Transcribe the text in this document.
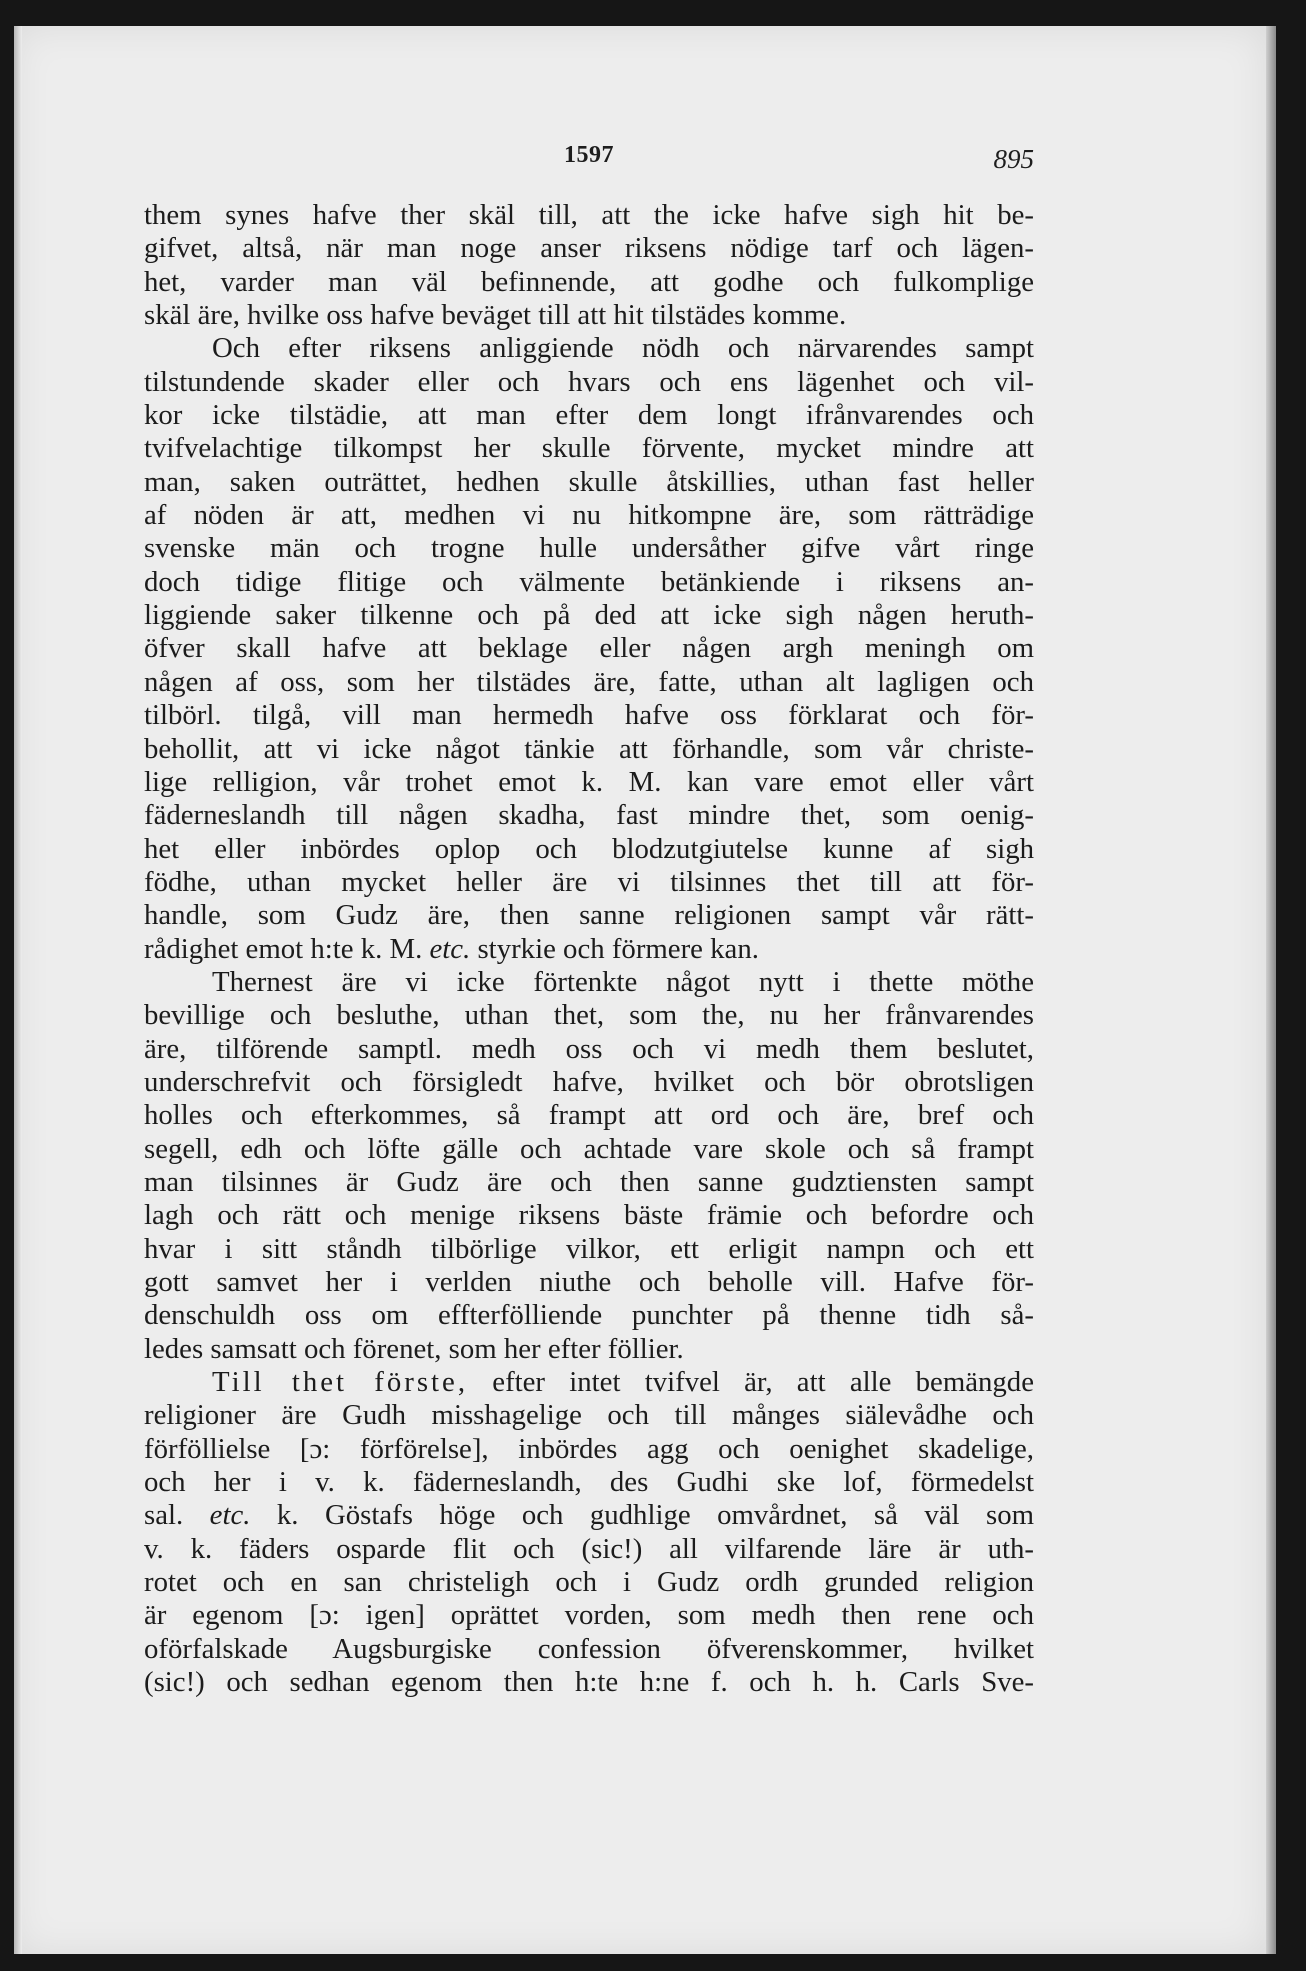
1597	895
them synes hafve ther skäl till, att the icke hafve sigh hit be-
gifvet, altså, när man noge anser riksens nödige tarf och lägen-
het, varder man väl befinnende, att godhe och fulkomplige
skäl äre, hvilke oss hafve beväget till att hit tilstädes komme.
Och efter riksens anliggiende nödh och närvarendes sampt
tilstundende skader eller och hvars och ens lägenhet och vil-
kor icke tilstädie, att man efter dem longt ifrånvarendes och
tvifvelachtige tilkompst her skulle förvente, mycket mindre att
man, saken outrättet, hedhen skulle åtskillies, uthan fast heller
af nöden är att, medhen vi nu hitkompne äre, som rätträdige
svenske män och trogne hulle undersåther gifve vårt ringe
doch tidige flitige och välmente betänkiende i riksens an-
liggiende saker tilkenne och på ded att icke sigh någen heruth-
öfver skall hafve att beklage eller någen argh meningh om
någen af oss, som her tilstädes äre, fatte, uthan alt lagligen och
tilbörl. tilgå, vill man hermedh hafve oss förklarat och för-
behollit, att vi icke något tänkie att förhandle, som vår christe-
lige relligion, vår trohet emot k. M. kan vare emot eller vårt
fäderneslandh till någen skadha, fast mindre thet, som oenig-
het eller inbördes oplop och blodzutgiutelse kunne af sigh
födhe, uthan mycket heller äre vi tilsinnes thet till att för-
handle, som Gudz äre, then sanne religionen sampt vår rätt-
rådighet emot h:te k. M. etc. styrkie och förmere kan.
Thernest äre vi icke förtenkte något nytt i thette möthe
bevillige och besluthe, uthan thet, som the, nu her frånvarendes
äre, tilförende samptl. medh oss och vi medh them beslutet,
underschrefvit och försigledt hafve, hvilket och bör obrotsligen
holles och efterkommes, så frampt att ord och äre, bref och
segell, edh och löfte gälle och achtade vare skole och så frampt
man tilsinnes är Gudz äre och then sanne gudztiensten sampt
lagh och rätt och menige riksens bäste främie och befordre och
hvar i sitt ståndh tilbörlige vilkor, ett erligit nampn och ett
gott samvet her i verlden niuthe och beholle vill. Hafve för-
denschuldh oss om effterfölliende punchter på thenne tidh så-
ledes samsatt och förenet, som her efter föllier.
Till thet förste, efter intet tvifvel är, att alle bemängde
religioner äre Gudh misshagelige och till månges siälevådhe och
förföllielse [ɔ: förförelse], inbördes agg och oenighet skadelige,
och her i v. k. fäderneslandh, des Gudhi ske lof, förmedelst
sal. etc. k. Göstafs höge och gudhlige omvårdnet, så väl som
v. k. fäders osparde flit och (sic!) all vilfarende läre är uth-
rotet och en san christeligh och i Gudz ordh grunded religion
är egenom [ɔ: igen] oprättet vorden, som medh then rene och
oförfalskade Augsburgiske confession öfverenskommer, hvilket
(sic!) och sedhan egenom then h:te h:ne f. och h. h. Carls Sve-
